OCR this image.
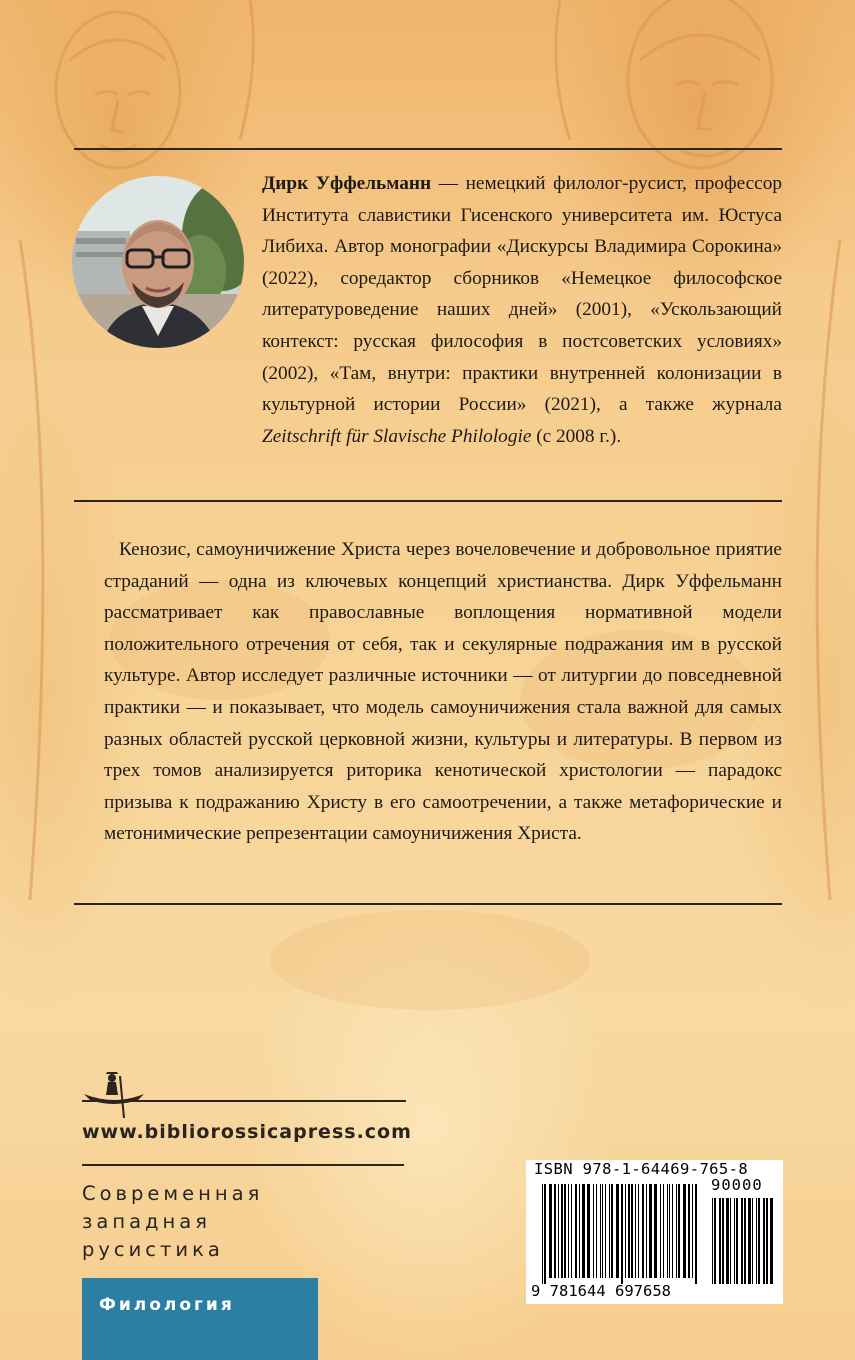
Дирк Уффельманн — немецкий филолог-русист, профессор Института славистики Гисенского университета им. Юстуса Либиха. Автор монографии «Дискурсы Владимира Сорокина» (2022), соредактор сборников «Немецкое философское литературоведение наших дней» (2001), «Ускользающий контекст: русская философия в постсоветских условиях» (2002), «Там, внутри: практики внутренней колонизации в культурной истории России» (2021), а также журнала Zeitschrift für Slavische Philologie (с 2008 г.).
Кенозис, самоуничижение Христа через вочеловечение и добровольное приятие страданий — одна из ключевых концепций христианства. Дирк Уффельманн рассматривает как православные воплощения нормативной модели положительного отречения от себя, так и секулярные подражания им в русской культуре. Автор исследует различные источники — от литургии до повседневной практики — и показывает, что модель самоуничижения стала важной для самых разных областей русской церковной жизни, культуры и литературы. В первом из трех томов анализируется риторика кенотической христологии — парадокс призыва к подражанию Христу в его самоотречении, а также метафорические и метонимические репрезентации самоуничижения Христа.
www.bibliorossicapress.com
Современная
западная
русистика
Филология
ISBN 978-1-64469-765-8
90000
9 781644 697658
